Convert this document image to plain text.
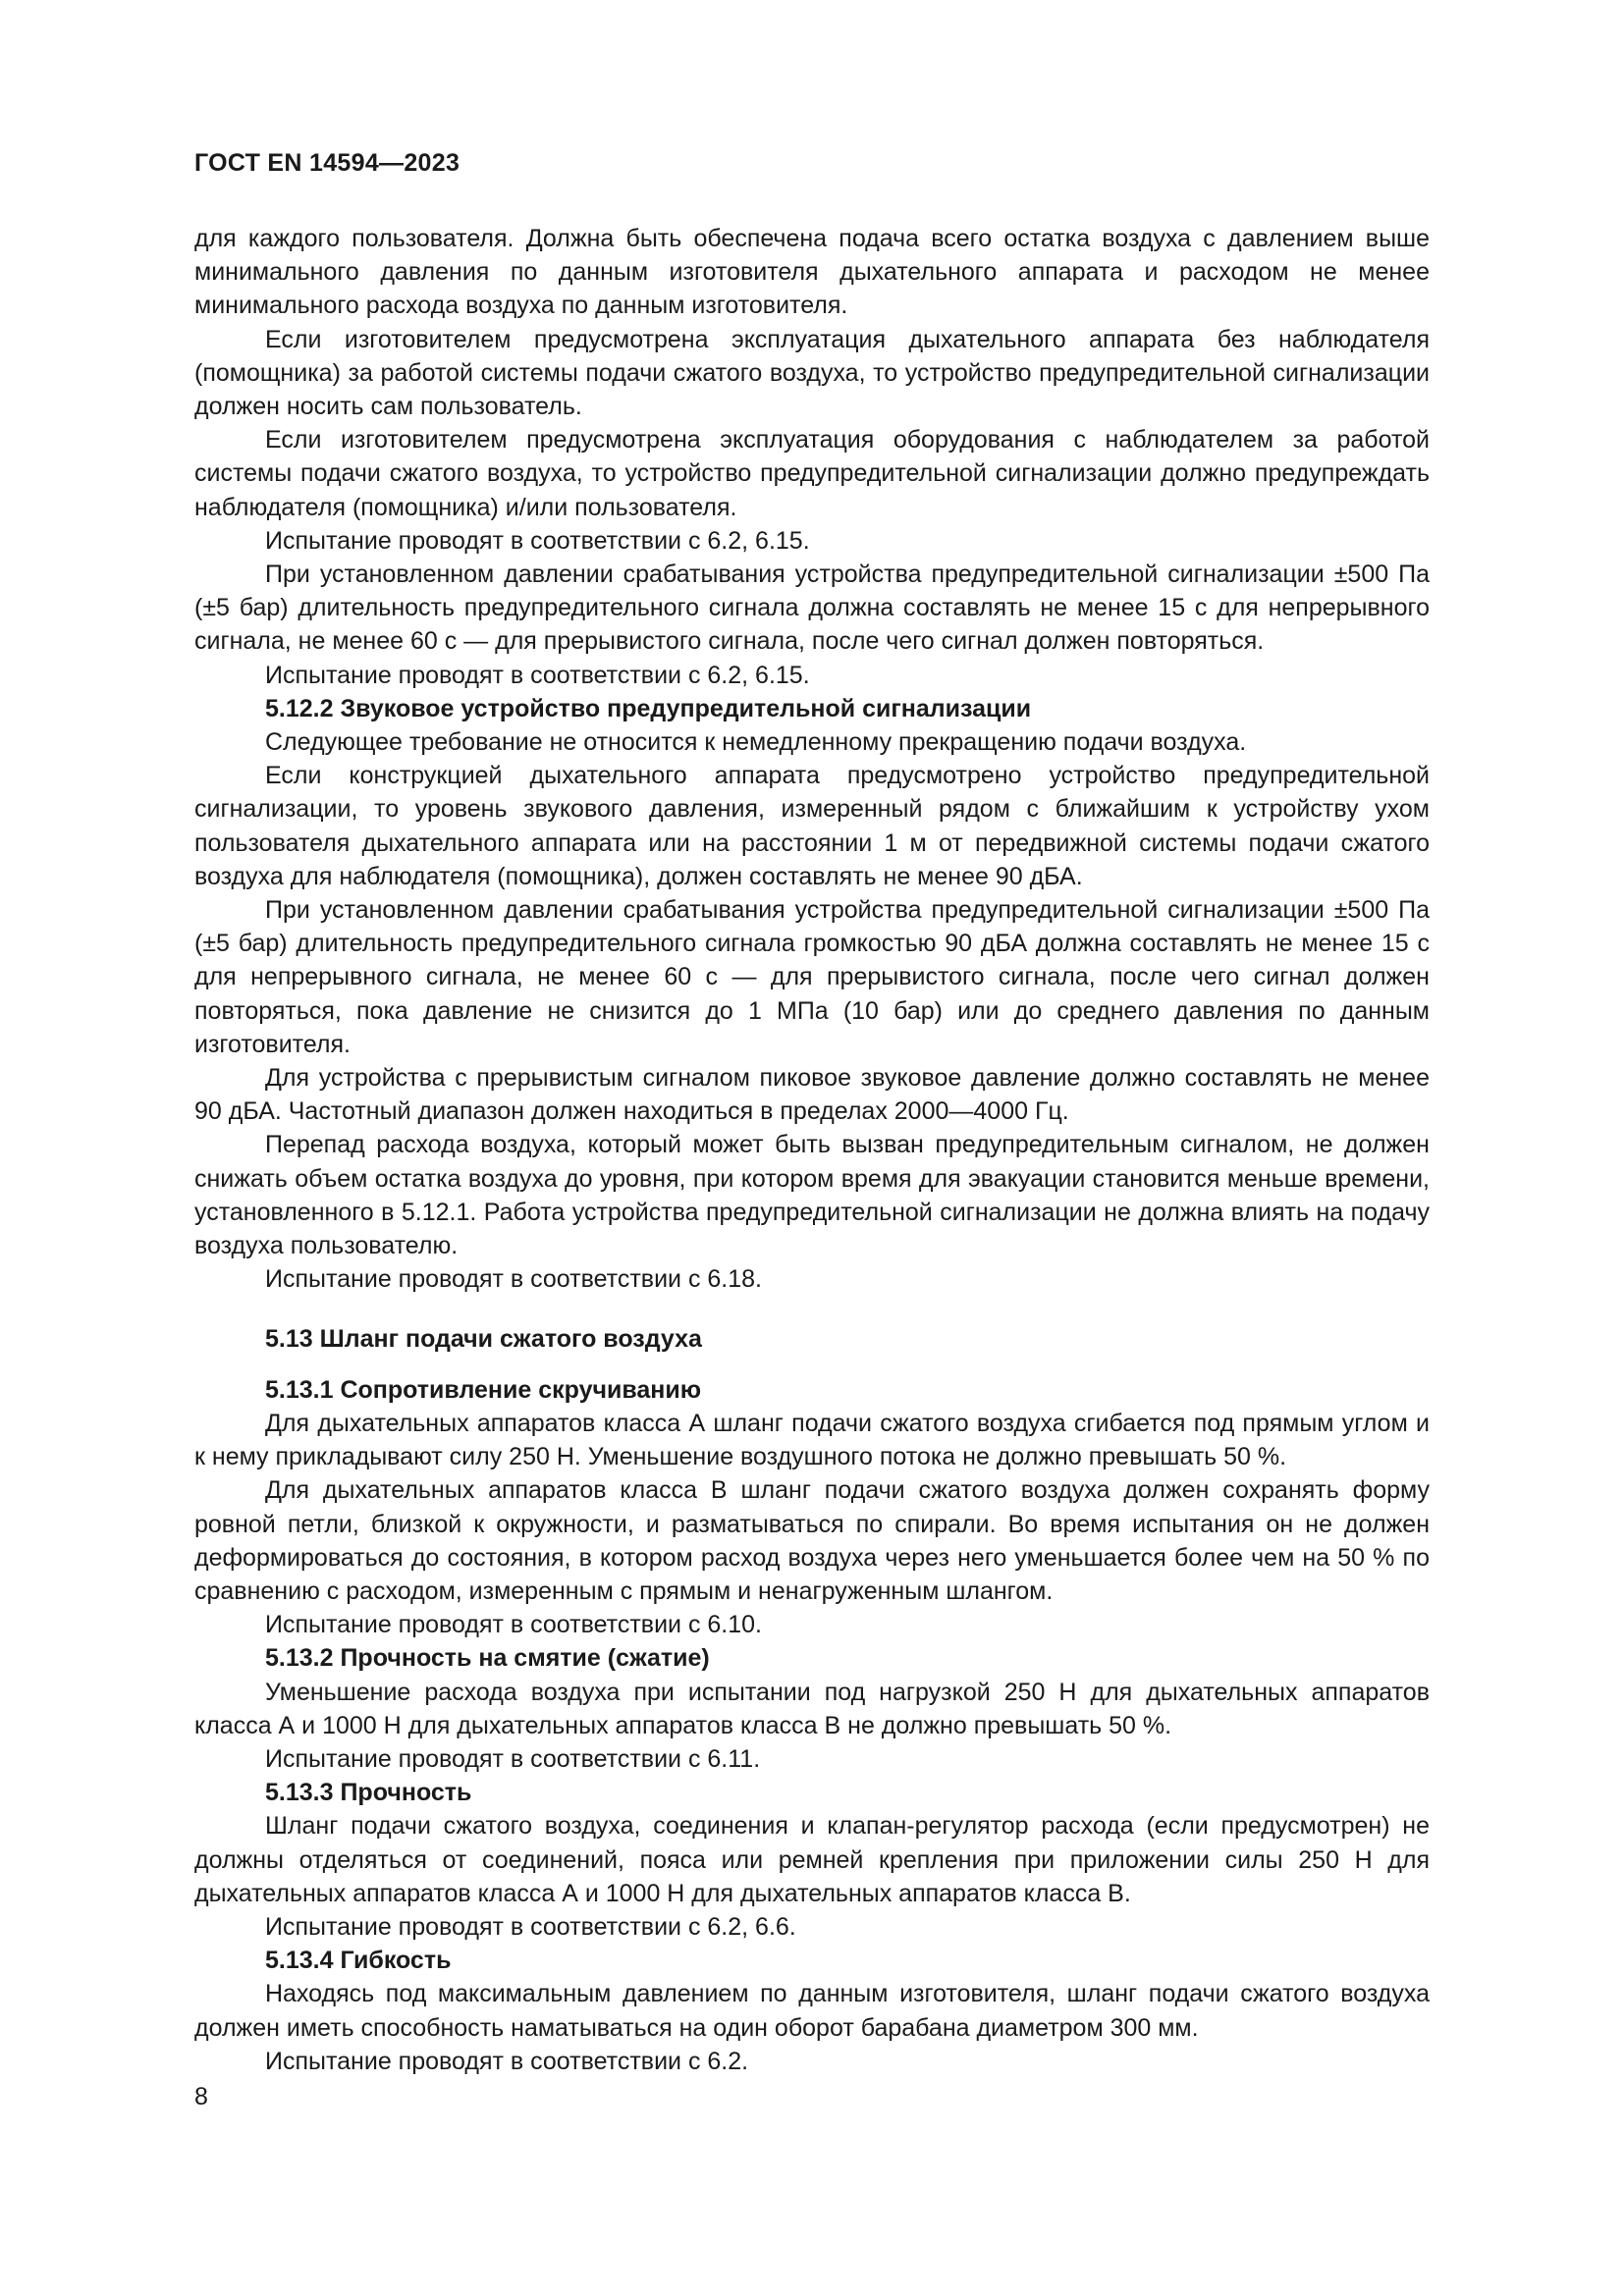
ГОСТ EN 14594—2023

для каждого пользователя. Должна быть обеспечена подача всего остатка воздуха с давлением выше минимального давления по данным изготовителя дыхательного аппарата и расходом не менее минимального расхода воздуха по данным изготовителя.

Если изготовителем предусмотрена эксплуатация дыхательного аппарата без наблюдателя (помощника) за работой системы подачи сжатого воздуха, то устройство предупредительной сигнализации должен носить сам пользователь.

Если изготовителем предусмотрена эксплуатация оборудования с наблюдателем за работой системы подачи сжатого воздуха, то устройство предупредительной сигнализации должно предупреждать наблюдателя (помощника) и/или пользователя.

Испытание проводят в соответствии с 6.2, 6.15.

При установленном давлении срабатывания устройства предупредительной сигнализации ±500 Па (±5 бар) длительность предупредительного сигнала должна составлять не менее 15 с для непрерывного сигнала, не менее 60 с — для прерывистого сигнала, после чего сигнал должен повторяться.

Испытание проводят в соответствии с 6.2, 6.15.

5.12.2 Звуковое устройство предупредительной сигнализации

Следующее требование не относится к немедленному прекращению подачи воздуха.

Если конструкцией дыхательного аппарата предусмотрено устройство предупредительной сигнализации, то уровень звукового давления, измеренный рядом с ближайшим к устройству ухом пользователя дыхательного аппарата или на расстоянии 1 м от передвижной системы подачи сжатого воздуха для наблюдателя (помощника), должен составлять не менее 90 дБА.

При установленном давлении срабатывания устройства предупредительной сигнализации ±500 Па (±5 бар) длительность предупредительного сигнала громкостью 90 дБА должна составлять не менее 15 с для непрерывного сигнала, не менее 60 с — для прерывистого сигнала, после чего сигнал должен повторяться, пока давление не снизится до 1 МПа (10 бар) или до среднего давления по данным изготовителя.

Для устройства с прерывистым сигналом пиковое звуковое давление должно составлять не менее 90 дБА. Частотный диапазон должен находиться в пределах 2000—4000 Гц.

Перепад расхода воздуха, который может быть вызван предупредительным сигналом, не должен снижать объем остатка воздуха до уровня, при котором время для эвакуации становится меньше времени, установленного в 5.12.1. Работа устройства предупредительной сигнализации не должна влиять на подачу воздуха пользователю.

Испытание проводят в соответствии с 6.18.

5.13 Шланг подачи сжатого воздуха
5.13.1 Сопротивление скручиванию

Для дыхательных аппаратов класса А шланг подачи сжатого воздуха сгибается под прямым углом и к нему прикладывают силу 250 Н. Уменьшение воздушного потока не должно превышать 50 %.

Для дыхательных аппаратов класса В шланг подачи сжатого воздуха должен сохранять форму ровной петли, близкой к окружности, и разматываться по спирали. Во время испытания он не должен деформироваться до состояния, в котором расход воздуха через него уменьшается более чем на 50 % по сравнению с расходом, измеренным с прямым и ненагруженным шлангом.

Испытание проводят в соответствии с 6.10.

5.13.2 Прочность на смятие (сжатие)

Уменьшение расхода воздуха при испытании под нагрузкой 250 Н для дыхательных аппаратов класса А и 1000 Н для дыхательных аппаратов класса В не должно превышать 50 %.

Испытание проводят в соответствии с 6.11.

5.13.3 Прочность

Шланг подачи сжатого воздуха, соединения и клапан-регулятор расхода (если предусмотрен) не должны отделяться от соединений, пояса или ремней крепления при приложении силы 250 Н для дыхательных аппаратов класса А и 1000 Н для дыхательных аппаратов класса В.

Испытание проводят в соответствии с 6.2, 6.6.

5.13.4 Гибкость

Находясь под максимальным давлением по данным изготовителя, шланг подачи сжатого воздуха должен иметь способность наматываться на один оборот барабана диаметром 300 мм.

Испытание проводят в соответствии с 6.2.

8
